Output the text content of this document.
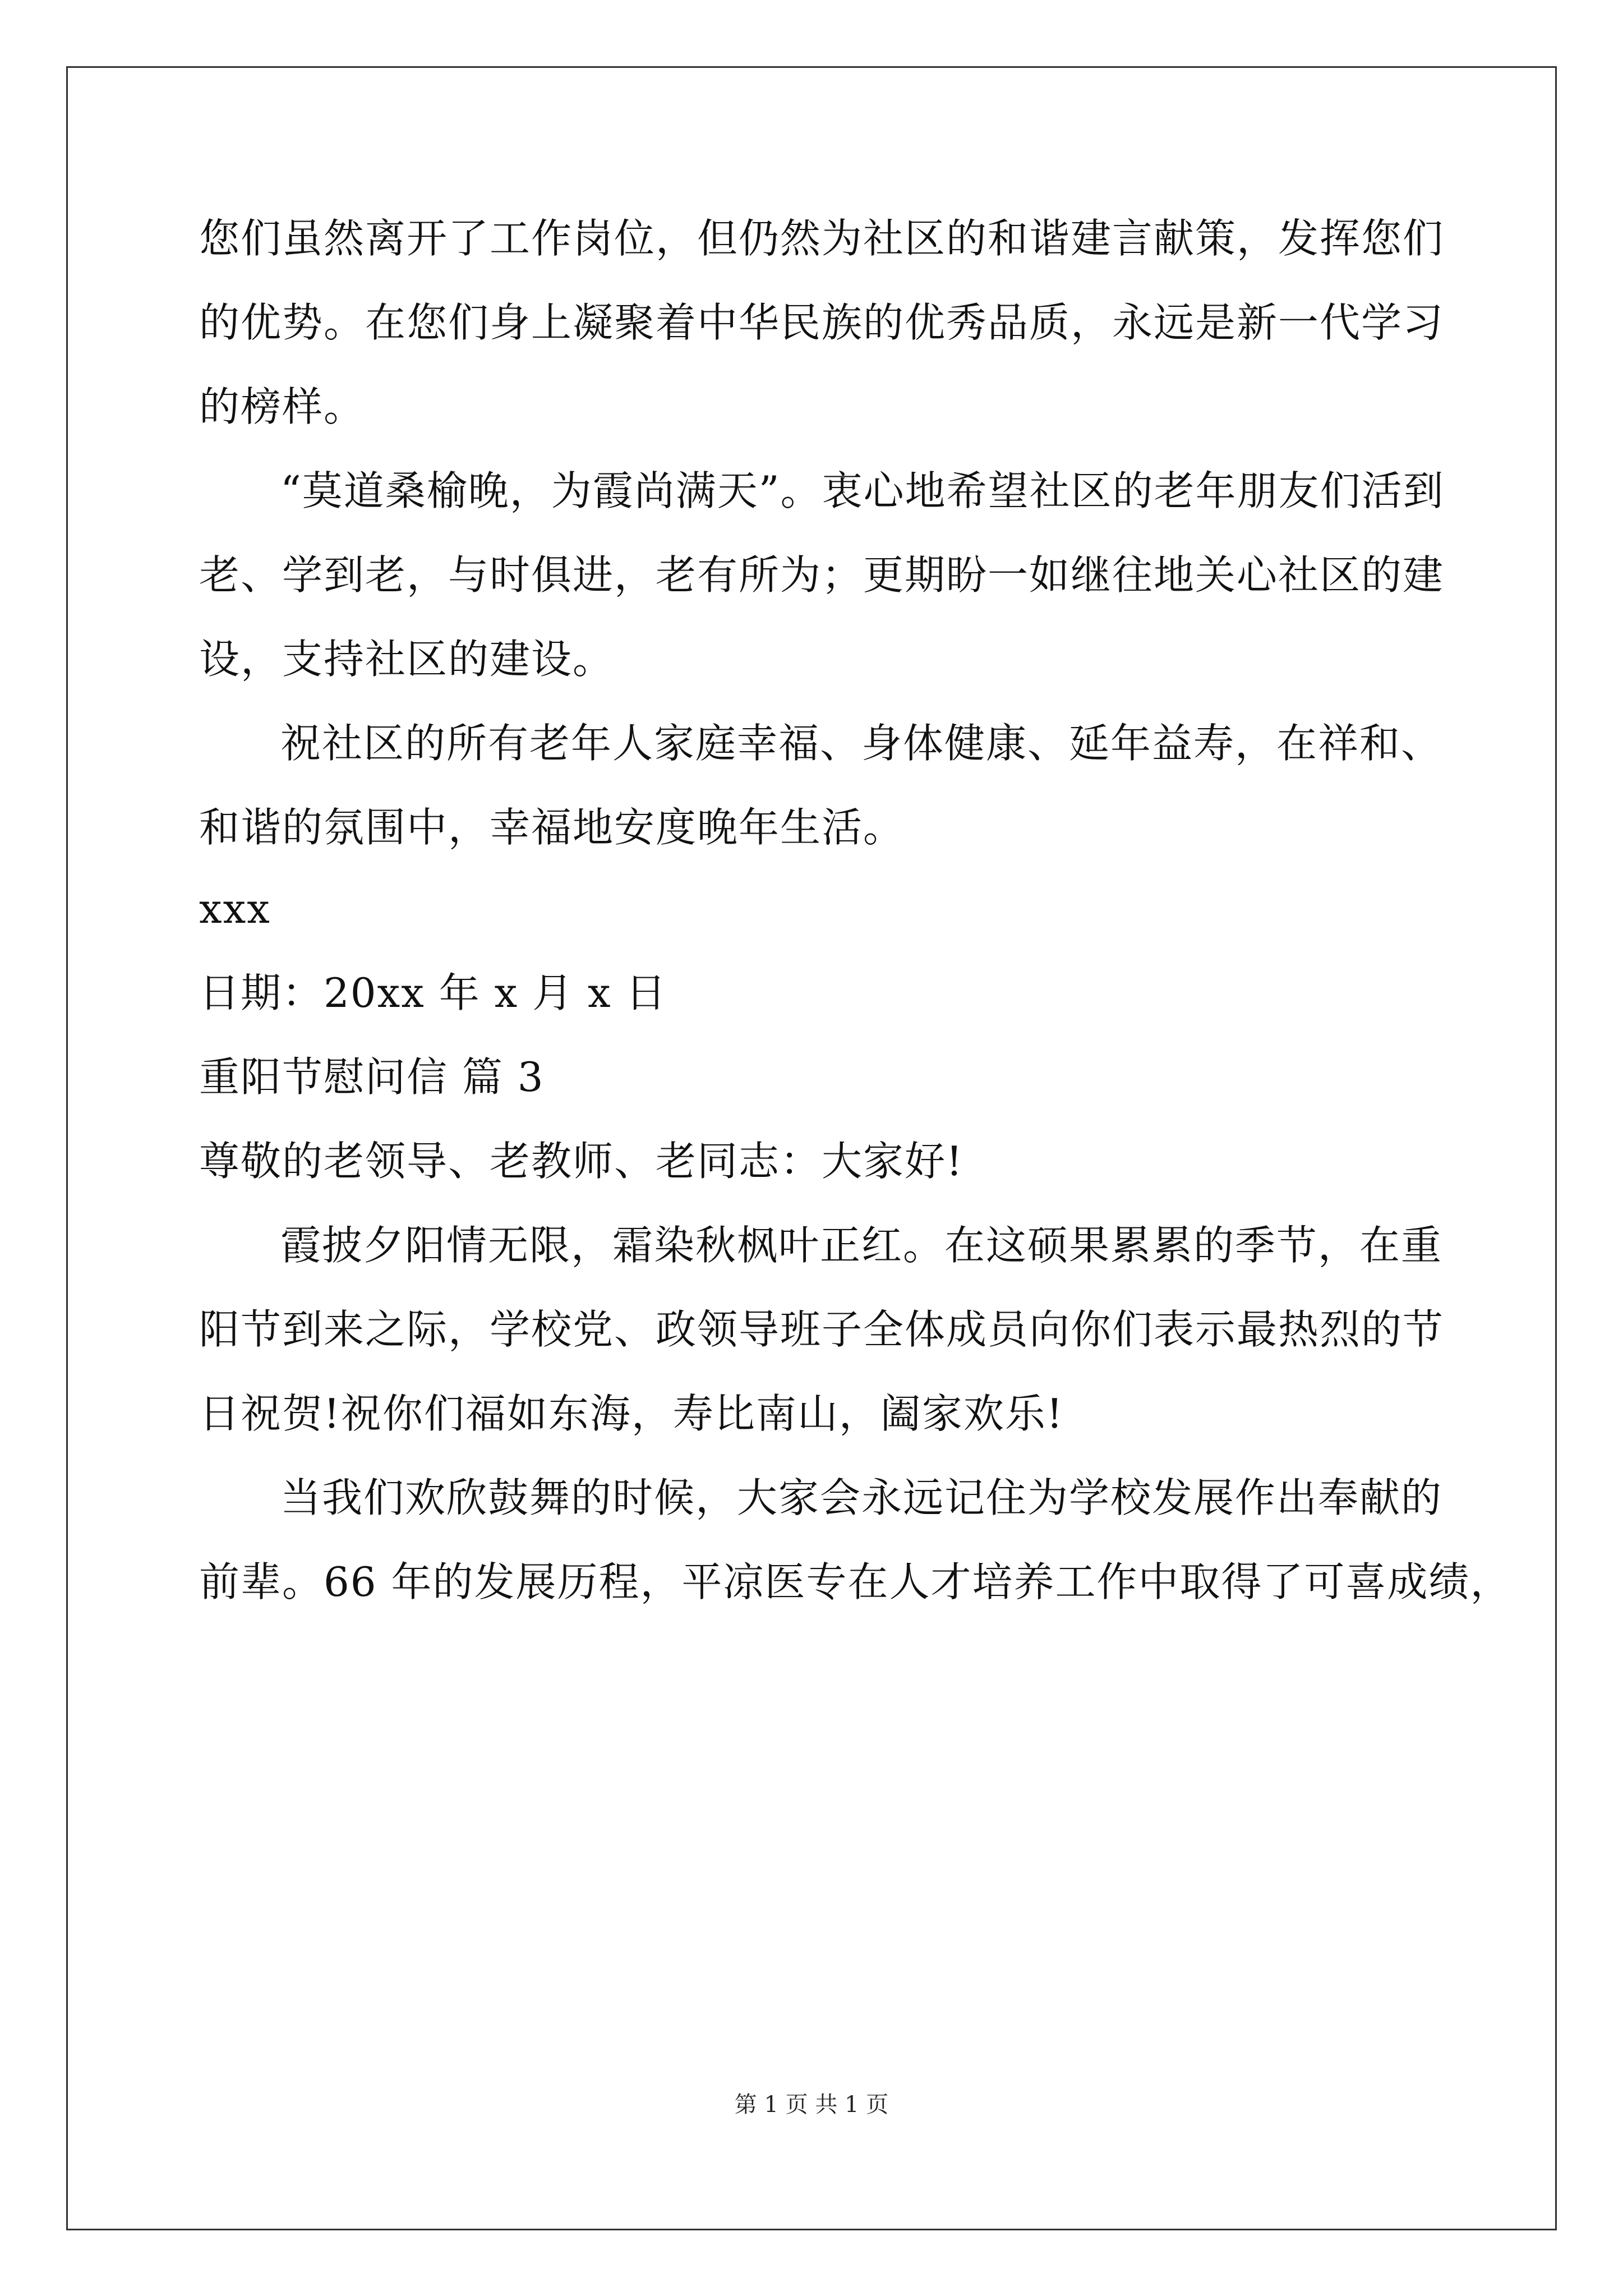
您们虽然离开了工作岗位，但仍然为社区的和谐建言献策，发挥您们
的优势。在您们身上凝聚着中华民族的优秀品质，永远是新一代学习
的榜样。
“莫道桑榆晚，为霞尚满天”。衷心地希望社区的老年朋友们活到
老、学到老，与时俱进，老有所为；更期盼一如继往地关心社区的建
设，支持社区的建设。
祝社区的所有老年人家庭幸福、身体健康、延年益寿，在祥和、
和谐的氛围中，幸福地安度晚年生活。
xxx
日期：20xx 年 x 月 x 日
重阳节慰问信 篇 3
尊敬的老领导、老教师、老同志：大家好!
霞披夕阳情无限，霜染秋枫叶正红。在这硕果累累的季节，在重
阳节到来之际，学校党、政领导班子全体成员向你们表示最热烈的节
日祝贺!祝你们福如东海，寿比南山，阖家欢乐!
当我们欢欣鼓舞的时候，大家会永远记住为学校发展作出奉献的
前辈。66 年的发展历程，平凉医专在人才培养工作中取得了可喜成绩，
第 1 页 共 1 页
